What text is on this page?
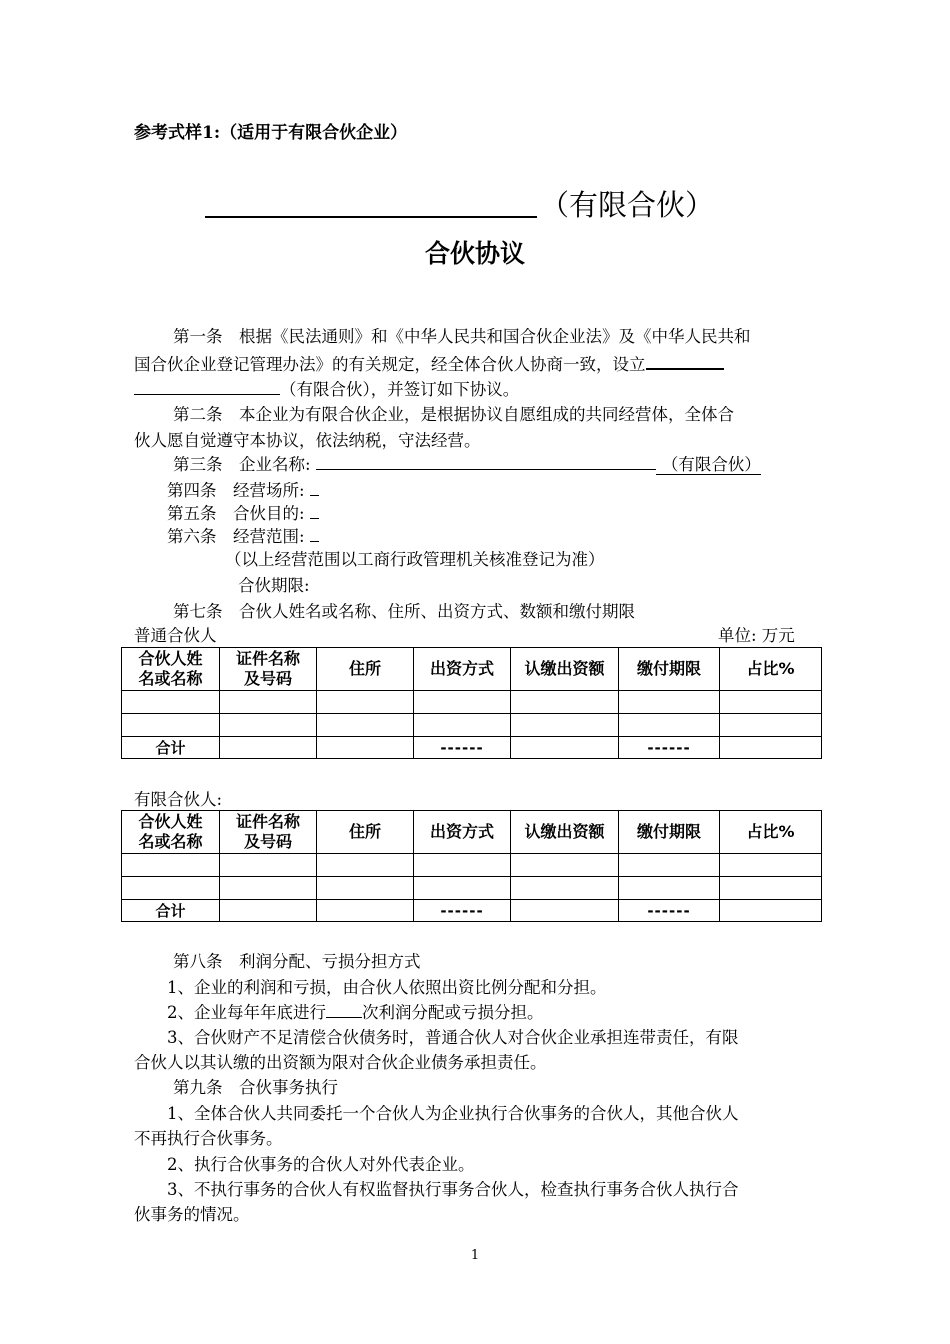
参考式样1:（适用于有限合伙企业）
（有限合伙）
合伙协议
第一条　根据《民法通则》和《中华人民共和国合伙企业法》及《中华人民共和
国合伙企业登记管理办法》的有关规定，经全体合伙人协商一致，设立
（有限合伙），并签订如下协议。
第二条　本企业为有限合伙企业，是根据协议自愿组成的共同经营体，全体合
伙人愿自觉遵守本协议，依法纳税，守法经营。
第三条　企业名称:	（有限合伙）
第四条　经营场所:
第五条　合伙目的:
第六条　经营范围:
（以上经营范围以工商行政管理机关核准登记为准）
合伙期限:
第七条　合伙人姓名或名称、住所、出资方式、数额和缴付期限
普通合伙人	单位: 万元
合伙人姓
名或名称	证件名称
及号码	住所	出资方式	认缴出资额	缴付期限	占比%

合计			------		------	
有限合伙人:
合伙人姓
名或名称	证件名称
及号码	住所	出资方式	认缴出资额	缴付期限	占比%

合计			------		------	
第八条　利润分配、亏损分担方式
1、企业的利润和亏损，由合伙人依照出资比例分配和分担。
2、企业每年年底进行 次利润分配或亏损分担。
3、合伙财产不足清偿合伙债务时，普通合伙人对合伙企业承担连带责任，有限
合伙人以其认缴的出资额为限对合伙企业债务承担责任。
第九条　合伙事务执行
1、全体合伙人共同委托一个合伙人为企业执行合伙事务的合伙人，其他合伙人
不再执行合伙事务。
2、执行合伙事务的合伙人对外代表企业。
3、不执行事务的合伙人有权监督执行事务合伙人，检查执行事务合伙人执行合
伙事务的情况。
1
